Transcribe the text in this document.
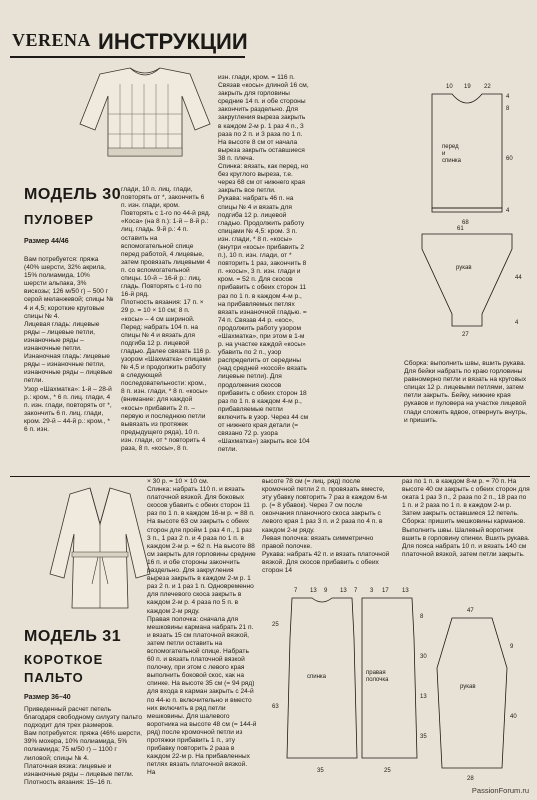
VERENA ИНСТРУКЦИИ
МОДЕЛЬ 30
ПУЛОВЕР
Размер 44/46

Вам потребуется: пряжа (40% шерсти, 32% акрила, 15% полиамида, 10% шерсти альпака, 3% вискозы; 126 м/50 г) – 500 г серой меланжевой; спицы № 4 и 4,5; короткие круговые спицы № 4.
Лицевая гладь: лицевые ряды – лицевые петли, изнаночные ряды – изнаночные петли.
Изнаночная гладь: лицевые ряды – изнаночные петли, изнаночные ряды – лицевые петли.
Узор «Шахматка»: 1-й – 28-й р.: кром., * 6 п. лиц. глади, 4 п. изн. глади, повторять от *, закончить 6 п. лиц. глади, кром. 29-й – 44-й р.: кром., * 6 п. изн.

глади, 10 п. лиц. глади, повторять от *, закончить 6 п. изн. глади, кром. Повторять с 1-го по 44-й ряд.
«Коса» (на 8 п.): 1-й – 8-й р.: лиц. гладь. 9-й р.: 4 п. оставить на вспомогательной спице перед работой, 4 лицевые, затем провязать лицевыми 4 п. со вспомогательной спицы. 10-й – 16-й р.: лиц. гладь. Повторять с 1-го по 16-й ряд.
Плотность вязания: 17 п. × 29 р. = 10 × 10 см; 8 п. «косы» – 4 см шириной.
Перед: набрать 104 п. на спицы № 4 и вязать для подгиба 12 р. лицевой гладью. Далее связать 116 р. узором «Шахматка» спицами № 4,5 и продолжить работу в следующей последовательности: кром., 8 п. изн. глади, * 8 п. «косы» (внимание: для каждой «косы» прибавить 2 п. – первую и последнюю петли вывязать из протяжек предыдущего ряда), 10 п. изн. глади, от * повторить 4 раза, 8 п. «косы», 8 п.

изн. глади, кром. = 116 п. Связав «косы» длиной 16 см, закрыть для горловины средние 14 п. и обе стороны закончить раздельно. Для закругления выреза закрыть в каждом 2-м р. 1 раз 4 п., 3 раза по 2 п. и 3 раза по 1 п. На высоте 8 см от начала выреза закрыть оставшиеся 38 п. плеча.
Спинка: вязать, как перед, но без круглого выреза, т.е. через 68 см от нижнего края закрыть все петли.
Рукава: набрать 46 п. на спицы № 4 и вязать для подгиба 12 р. лицевой гладью. Продолжить работу спицами № 4,5: кром. 3 п. изн. глади, * 8 п. «косы» (внутри «косы» прибавить 2 п.), 10 п. изн. глади, от * повторить 1 раз, закончить 8 п. «косы», 3 п. изн. глади и кром. = 52 п. Для скосов прибавить с обеих сторон 11 раз по 1 п. в каждом 4-м р., на прибавляемых петлях вязать изнаночной гладью. = 74 п. Связав 44 р. «кос», продолжить работу узором «Шахматка», при этом в 1-м р. на участке каждой «косы» убавить по 2 п., узор распределить от середины (над средней «косой» вязать лицевые петли). Для продолжения скосов прибавить с обеих сторон 18 раз по 1 п. в каждом 4-м р., прибавляемые петли включить в узор. Через 44 см от нижнего края детали (= связано 72 р. узора «Шахматка») закрыть все 104 петли.

10 19 22
4
8
60
4
68
61
44
4
27
рукав
перед
и
спинка

Сборка: выполнить швы, вшить рукава. Для бейки набрать по краю горловины равномерно петли и вязать на круговых спицах 12 р. лицевыми петлями, затем петли закрыть. Бейку, нижние края рукавов и пуловера на участке лицевой глади сложить вдвое, отвернуть внутрь, и пришить.

МОДЕЛЬ 31
КОРОТКОЕ
ПАЛЬТО
Размер 36–40

Приведенный расчет петель благодаря свободному силуэту пальто подходит для трех размеров.
Вам потребуется: пряжа (46% шерсти, 39% мохера, 10% полиамида, 5% полиамида; 75 м/50 г) – 1100 г лиловой; спицы № 4.
Платочная вязка: лицевые и изнаночные ряды – лицевые петли.
Плотность вязания: 15–16 п.

× 30 р. = 10 × 10 см.
Спинка: набрать 110 п. и вязать платочной вязкой. Для боковых скосов убавить с обеих сторон 11 раз по 1 п. в каждом 16-м р. = 88 п. На высоте 63 см закрыть с обеих сторон для пройм 1 раз 4 п., 1 раз 3 п., 1 раз 2 п. и 4 раза по 1 п. в каждом 2-м р. = 62 п. На высоте 88 см закрыть для горловины средние 16 п. и обе стороны закончить раздельно. Для закругления выреза закрыть в каждом 2-м р. 1 раз 2 п. и 1 раз 1 п. Одновременно для плечевого скоса закрыть в каждом 2-м р. 4 раза по 5 п. в каждом 2-м ряду.
Правая полочка: сначала для мешковины кармана набрать 21 п. и вязать 15 см платочной вязкой, затем петли оставить на вспомогательной спице. Набрать 60 п. и вязать платочной вязкой полочку, при этом с левого края выполнить боковой скос, как на спинке. На высоте 35 см (= 94 ряд) для входа в карман закрыть с 24-й по 44-ю п. включительно и вместо них включить в ряд петли мешковины. Для шалевого воротника на высоте 48 см (= 144-й ряд) после кромочной петли из протяжки прибавить 1 п., эту прибавку повторить 2 раза в каждом 22-м р. На прибавленных петлях вязать платочной вязкой. На

высоте 78 см (= лиц. ряд) после кромочной петли 2 п. провязать вместе, эту убавку повторить 7 раз в каждом 6-м р. (= 8 убавок). Через 7 см после окончания планочного скоса закрыть с левого края 1 раз 3 п. и 2 раза по 4 п. в каждом 2-м ряду.
Левая полочка: вязать симметрично правой полочке.
Рукава: набрать 42 п. и вязать платочной вязкой. Для скосов прибавить с обеих сторон 14

раз по 1 п. в каждом 8-м р. = 70 п. На высоте 40 см закрыть с обеих сторон для оката 1 раз 3 п., 2 раза по 2 п., 18 раз по 1 п. и 2 раза по 1 п. в каждом 2-м р. Затем закрыть оставшиеся 12 петель.
Сборка: пришить мешковины карманов. Выполнить швы. Шалевый воротник вшить в горловину спинки. Вшить рукава. Для пояса набрать 10 п. и вязать 140 см платочной вязкой, затем петли закрыть.

7 13 9 13 7 3 17 13
47
63
25
8
30
13
35
40
9
35	25
28
спинка
рукав
правая
полочка
PassionForum.ru
